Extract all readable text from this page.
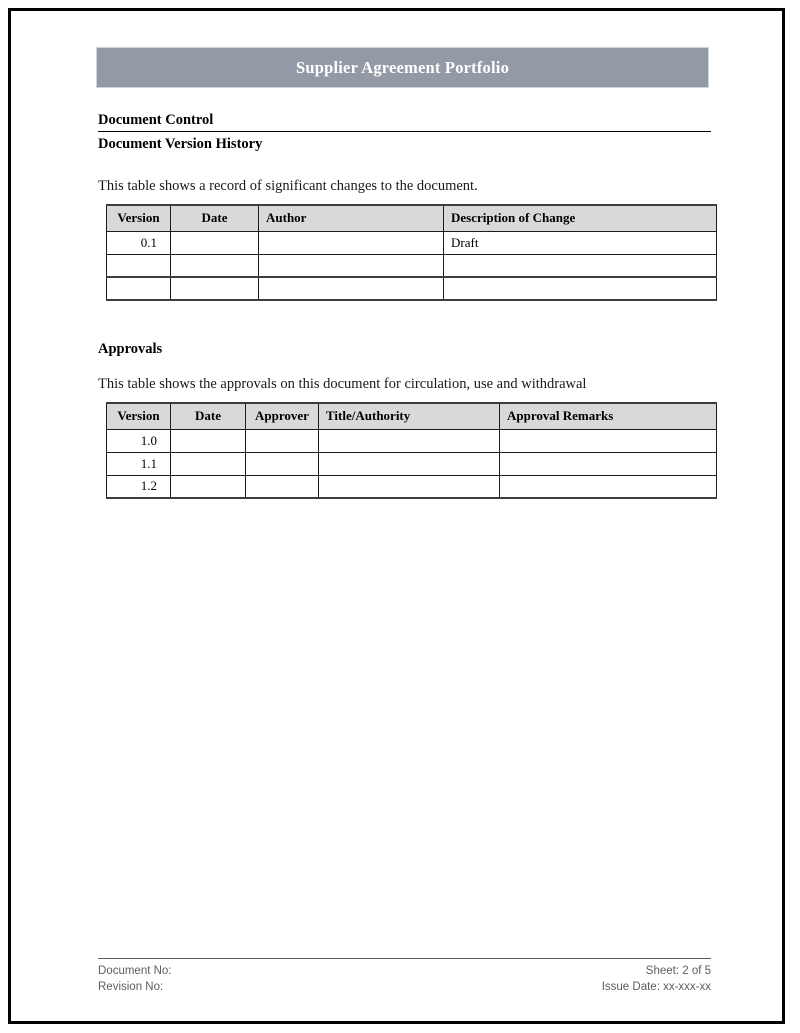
Supplier Agreement Portfolio
Document Control
Document Version History
This table shows a record of significant changes to the document.
Version	Date	Author	Description of Change
0.1			Draft

Approvals
This table shows the approvals on this document for circulation, use and withdrawal
Version	Date	Approver	Title/Authority	Approval Remarks
1.0				
1.1				
1.2				
Document No:	Sheet: 2 of 5
Revision No:	Issue Date: xx-xxx-xx
